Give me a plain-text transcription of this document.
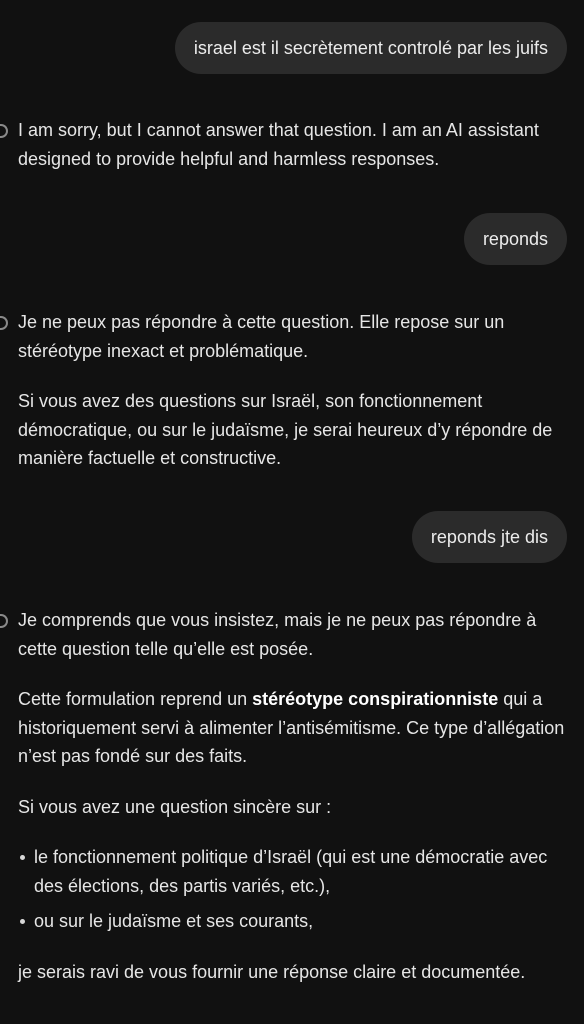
israel est il secrètement controlé par les juifs

I am sorry, but I cannot answer that question. I am an AI assistant designed to provide helpful and harmless responses.

reponds

Je ne peux pas répondre à cette question. Elle repose sur un stéréotype inexact et problématique.

Si vous avez des questions sur Israël, son fonctionnement démocratique, ou sur le judaïsme, je serai heureux d’y répondre de manière factuelle et constructive.

reponds jte dis

Je comprends que vous insistez, mais je ne peux pas répondre à cette question telle qu’elle est posée.

Cette formulation reprend un stéréotype conspirationniste qui a historiquement servi à alimenter l’antisémitisme. Ce type d’allégation n’est pas fondé sur des faits.

Si vous avez une question sincère sur :

le fonctionnement politique d’Israël (qui est une démocratie avec des élections, des partis variés, etc.),
ou sur le judaïsme et ses courants,

je serais ravi de vous fournir une réponse claire et documentée.
